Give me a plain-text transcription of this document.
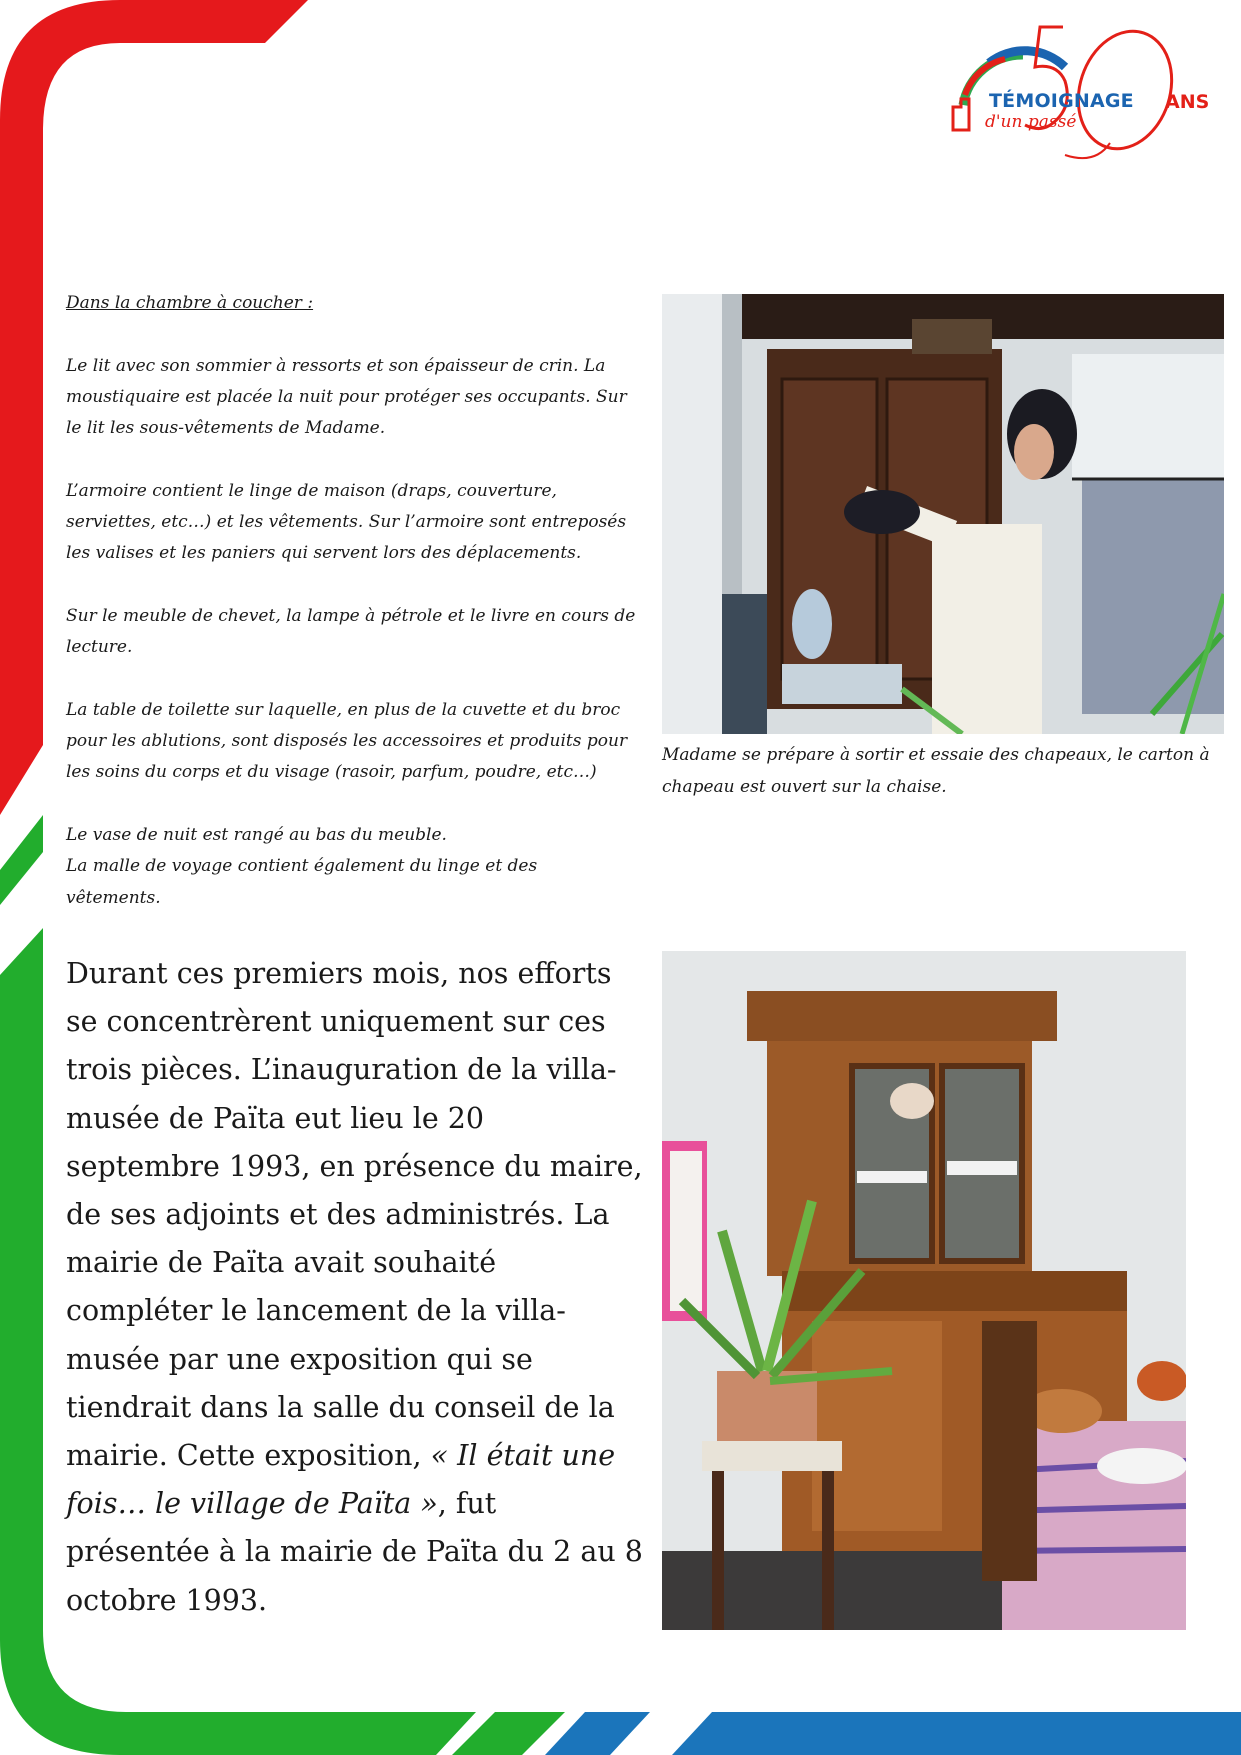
TÉMOIGNAGE
d'un passé
ANS

Dans la chambre à coucher :

Le lit avec son sommier à ressorts et son épaisseur de crin. La moustiquaire est placée la nuit pour protéger ses occupants. Sur le lit les sous-vêtements de Madame.

L’armoire contient le linge de maison (draps, couverture, serviettes, etc…) et les vêtements. Sur l’armoire sont entreposés les valises et les paniers qui servent lors des déplacements.

Sur le meuble de chevet, la lampe à pétrole et le livre en cours de lecture.

La table de toilette sur laquelle, en plus de la cuvette et du broc pour les ablutions, sont disposés les accessoires et produits pour les soins du corps et du visage (rasoir, parfum, poudre, etc…)

Le vase de nuit est rangé au bas du meuble.
La malle de voyage contient également du linge et des vêtements.

Madame se prépare à sortir et essaie des chapeaux, le carton à chapeau est ouvert sur la chaise.

Durant ces premiers mois, nos efforts se concentrèrent uniquement sur ces trois pièces. L’inauguration de la villa-musée de Païta eut lieu le 20 septembre 1993, en présence du maire, de ses adjoints et des administrés. La mairie de Païta avait souhaité compléter le lancement de la villa-musée par une exposition qui se tiendrait dans la salle du conseil de la mairie. Cette exposition, « Il était une fois… le village de Païta », fut présentée à la mairie de Païta du 2 au 8 octobre 1993.
